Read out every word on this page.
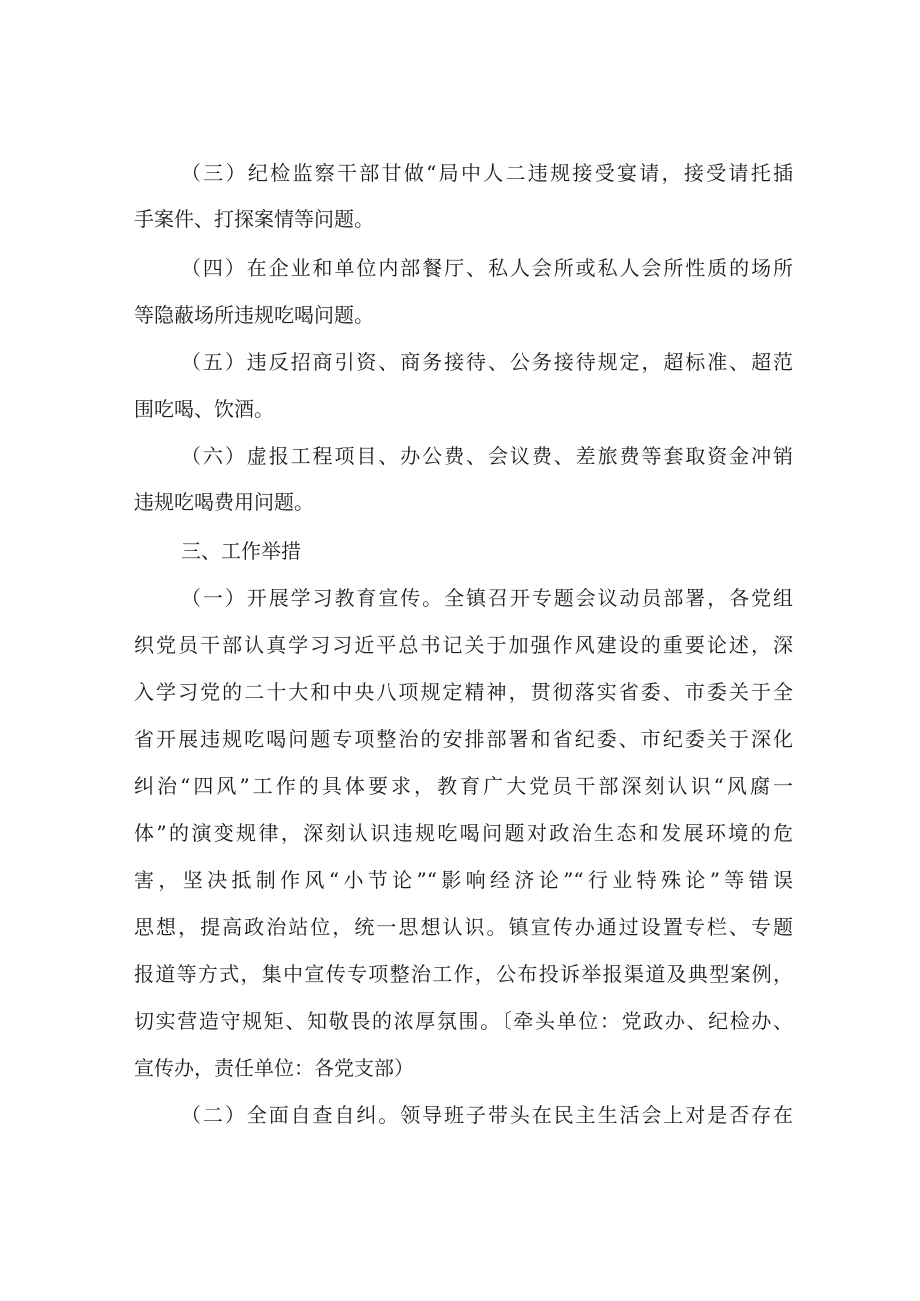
（三）纪检监察干部甘做“局中人二违规接受宴请，接受请托插
手案件、打探案情等问题。
（四）在企业和单位内部餐厅、私人会所或私人会所性质的场所
等隐蔽场所违规吃喝问题。
（五）违反招商引资、商务接待、公务接待规定，超标准、超范
围吃喝、饮酒。
（六）虚报工程项目、办公费、会议费、差旅费等套取资金冲销
违规吃喝费用问题。
三、工作举措
（一）开展学习教育宣传。全镇召开专题会议动员部署，各党组
织党员干部认真学习习近平总书记关于加强作风建设的重要论述，深
入学习党的二十大和中央八项规定精神，贯彻落实省委、市委关于全
省开展违规吃喝问题专项整治的安排部署和省纪委、市纪委关于深化
纠治“四风”工作的具体要求，教育广大党员干部深刻认识“风腐一
体”的演变规律，深刻认识违规吃喝问题对政治生态和发展环境的危
害，坚决抵制作风“小节论”“影响经济论”“行业特殊论”等错误
思想，提高政治站位，统一思想认识。镇宣传办通过设置专栏、专题
报道等方式，集中宣传专项整治工作，公布投诉举报渠道及典型案例，
切实营造守规矩、知敬畏的浓厚氛围。〔牵头单位：党政办、纪检办、
宣传办，责任单位：各党支部）
（二）全面自查自纠。领导班子带头在民主生活会上对是否存在
